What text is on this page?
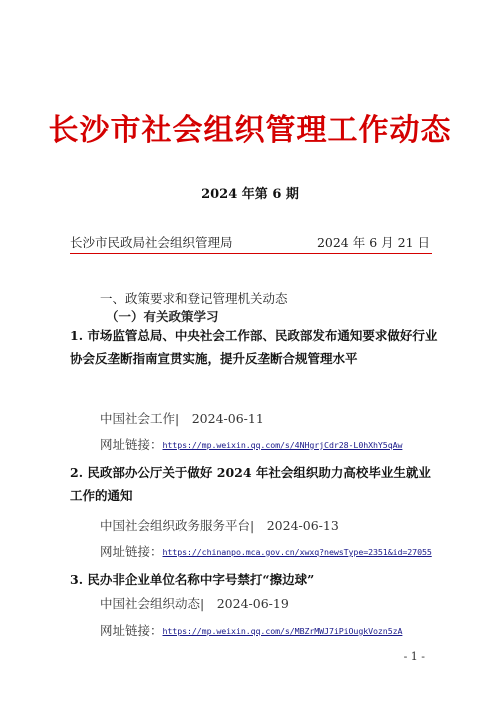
长沙市社会组织管理工作动态
2024 年第 6 期
长沙市民政局社会组织管理局	2024 年 6 月 21 日
一、政策要求和登记管理机关动态
（一）有关政策学习
1. 市场监管总局、中央社会工作部、民政部发布通知要求做好行业协会反垄断指南宣贯实施，提升反垄断合规管理水平
中国社会工作|　2024-06-11
网址链接：https://mp.weixin.qq.com/s/4NHgrjCdr28-L0hXhY5qAw
2. 民政部办公厅关于做好 2024 年社会组织助力高校毕业生就业工作的通知
中国社会组织政务服务平台|　2024-06-13
网址链接：https://chinanpo.mca.gov.cn/xwxq?newsType=2351&id=27055
3. 民办非企业单位名称中字号禁打“擦边球”
中国社会组织动态|　2024-06-19
网址链接：https://mp.weixin.qq.com/s/MBZrMWJ7iPiOugkVozn5zA
- 1 -
